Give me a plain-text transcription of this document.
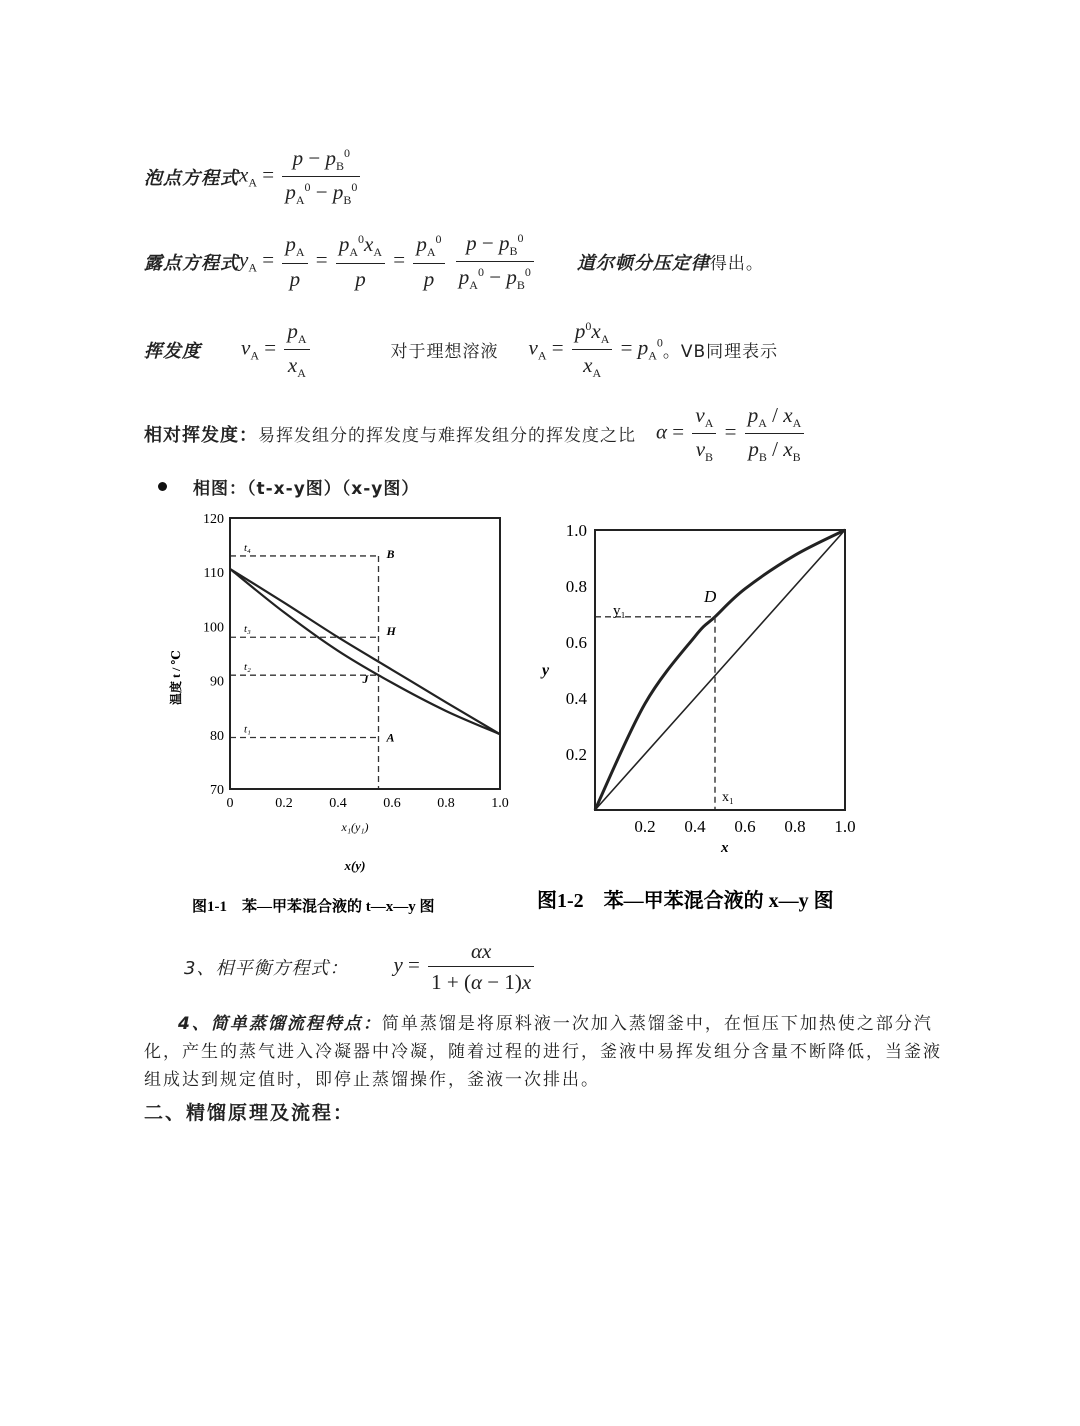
泡点方程式 $x_A = \frac{p - p_B^0}{p_A^0 - p_B^0}$
露点方程式 $y_A = \frac{p_A}{p} = \frac{p_A^0x_A}{p} = \frac{p_A^0}{p}$
$\frac{p - p_B^0}{p_A^0 - p_B^0}$ 道尔顿分压定律 得出。
挥发度 $v_A = \frac{p_A}{x_A}$	对于理想溶液 $v_A = \frac{p^0x_A}{x_A} = p_A^0$ 。VB同理表示
相对挥发度： 易挥发组分的挥发度与难挥发组分的挥发度之比 $\alpha = \frac{v_A}{v_B} = \frac{p_A / x_A}{p_B / x_B}$
相图：（t-x-y图）（x-y图）
120
110
100
90
80
70
0	0.2	0.4	0.6	0.8	1.0
t₄
t₃
t₂
t₁
B
H
J
A
温度 t / ℃
x₁(y₁)
x(y)
图1-1　苯—甲苯混合液的 t—x—y 图
1.0
0.8
0.6
0.4
0.2
0.2 0.4 0.6 0.8 1.0
y
x
D
y₁
x₁
图1-2　苯—甲苯混合液的 x—y 图
3、相平衡方程式： $y = \frac{\alpha x}{1 + (\alpha - 1)x}$
4、简单蒸馏流程特点：简单蒸馏是将原料液一次加入蒸馏釜中，在恒压下加热使之部分汽化，产生的蒸气进入冷凝器中冷凝，随着过程的进行，釜液中易挥发组分含量不断降低，当釜液组成达到规定值时，即停止蒸馏操作，釜液一次排出。
二、精馏原理及流程：
